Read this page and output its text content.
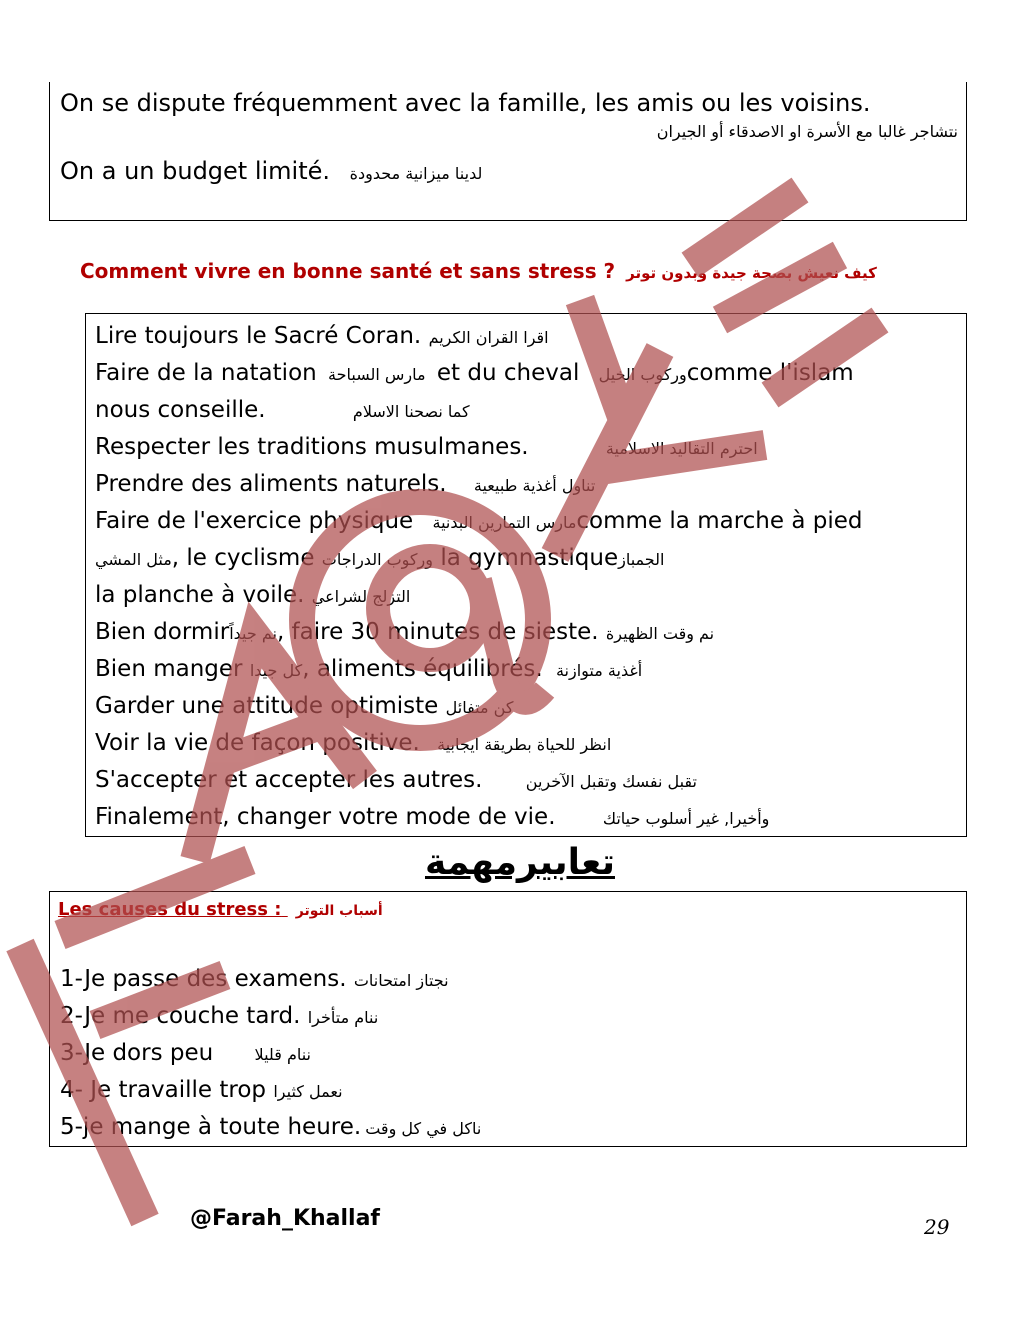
On se dispute fréquemment avec la famille, les amis ou les voisins.
نتشاجر غالبا مع الأسرة او الاصدقاء أو الجيران
On a un budget limité. لدينا ميزانية محدودة
Comment vivre en bonne santé et sans stress ? كيف نعيش بصحة جيدة وبدون توتر
Lire toujours le Sacré Coran. اقرا القران الكريم
Faire de la natation مارس السباحة et du cheval وركوب الخيلcomme l'islam
nous conseille.	كما نصحنا الاسلام
Respecter les traditions musulmanes.	احترم التقاليد الاسلامية
Prendre des aliments naturels. تناول أغذية طبيعية
Faire de l'exercice physique مارس التمارين البدنيةcomme la marche à pied
مثل المشي, le cyclisme وركوب الدراجات la gymnastiqueالجمباز
la planche à voile. التزلج لشراعي
Bien dormirنم جيداً, faire 30 minutes de sieste. نم وقت الظهيرة
Bien manger كل جيدا, aliments équilibrés. أغذية متوازنة
Garder une attitude optimiste كن متفائل
Voir la vie de façon positive. انظر للحياة بطريقة ايجابية
S'accepter et accepter les autres.	تقبل نفسك وتقبل الآخرين
Finalement, changer votre mode de vie.	وأخيرا, غير أسلوب حياتك
تعابيرمهمة
Les causes du stress : أسباب التوتر
1-Je passe des examens. نجتاز امتحانات
2-Je me couche tard. ننام متأخرا
3-Je dors peu	ننام قليلا
4- Je travaille trop نعمل كثيرا
5-je mange à toute heure. ناكل في كل وقت
@Farah_Khallaf	29
